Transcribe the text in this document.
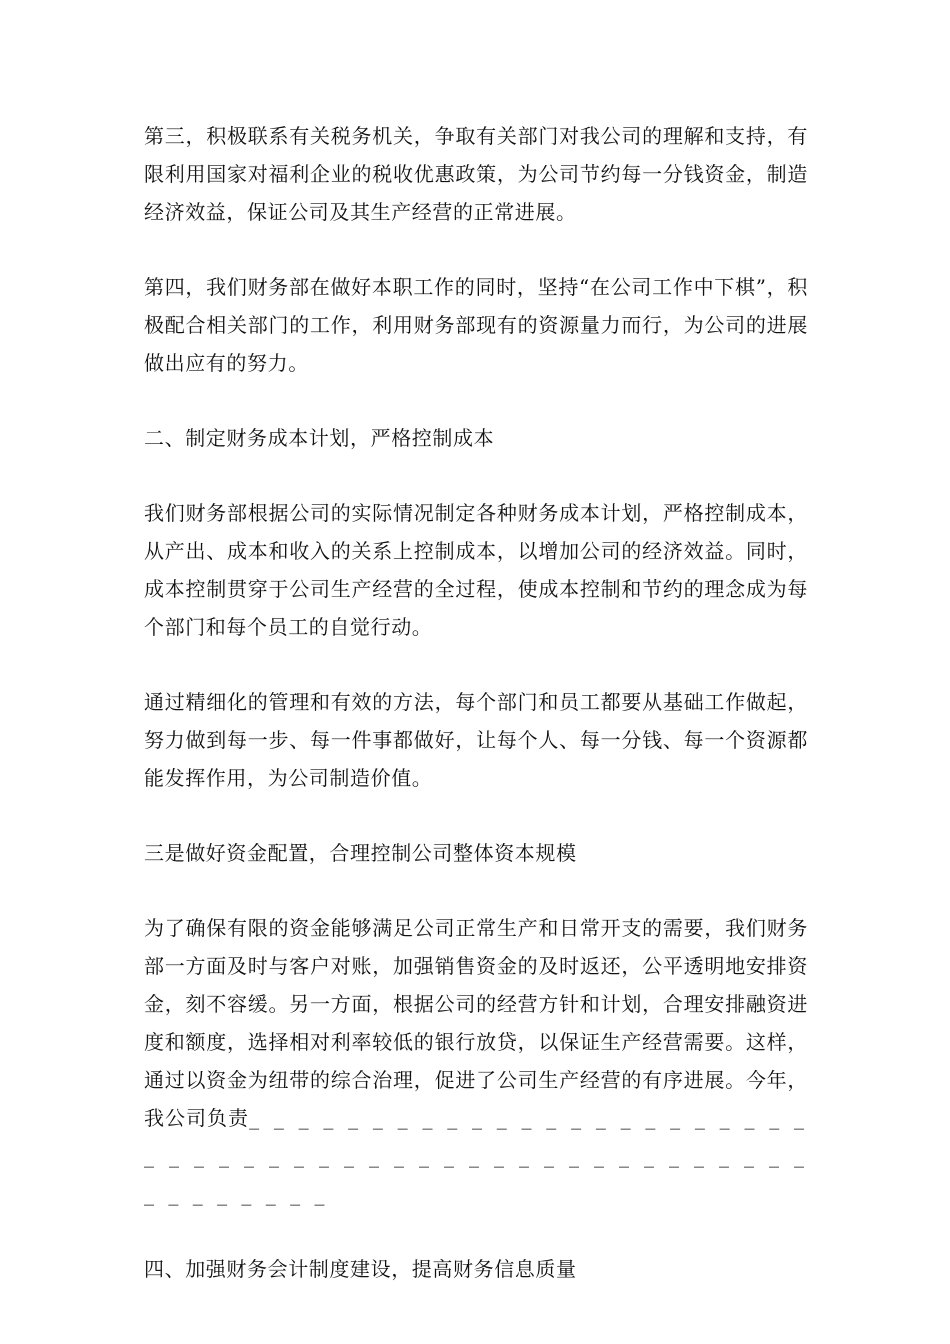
第三，积极联系有关税务机关，争取有关部门对我公司的理解和支持，有限利用国家对福利企业的税收优惠政策，为公司节约每一分钱资金，制造经济效益，保证公司及其生产经营的正常进展。

第四，我们财务部在做好本职工作的同时，坚持“在公司工作中下棋”，积极配合相关部门的工作，利用财务部现有的资源量力而行，为公司的进展做出应有的努力。

二、制定财务成本计划，严格控制成本

我们财务部根据公司的实际情况制定各种财务成本计划，严格控制成本，从产出、成本和收入的关系上控制成本，以增加公司的经济效益。同时，成本控制贯穿于公司生产经营的全过程，使成本控制和节约的理念成为每个部门和每个员工的自觉行动。

通过精细化的管理和有效的方法，每个部门和员工都要从基础工作做起，努力做到每一步、每一件事都做好，让每个人、每一分钱、每一个资源都能发挥作用，为公司制造价值。

三是做好资金配置，合理控制公司整体资本规模

为了确保有限的资金能够满足公司正常生产和日常开支的需要，我们财务部一方面及时与客户对账，加强销售资金的及时返还，公平透明地安排资金，刻不容缓。另一方面，根据公司的经营方针和计划，合理安排融资进度和额度，选择相对利率较低的银行放贷，以保证生产经营需要。这样，通过以资金为纽带的综合治理，促进了公司生产经营的有序进展。今年，我公司负责_ _ _ _ _ _ _ _ _ _ _ _ _ _ _ _ _ _ _ _ _ _ _ _ _ _ _ _ _ _ _ _ _ _ _ _ _ _ _ _ _ _ _ _ _ _ _ _ _ _ _ _ _ _ _ _ _ _

四、加强财务会计制度建设，提高财务信息质量
